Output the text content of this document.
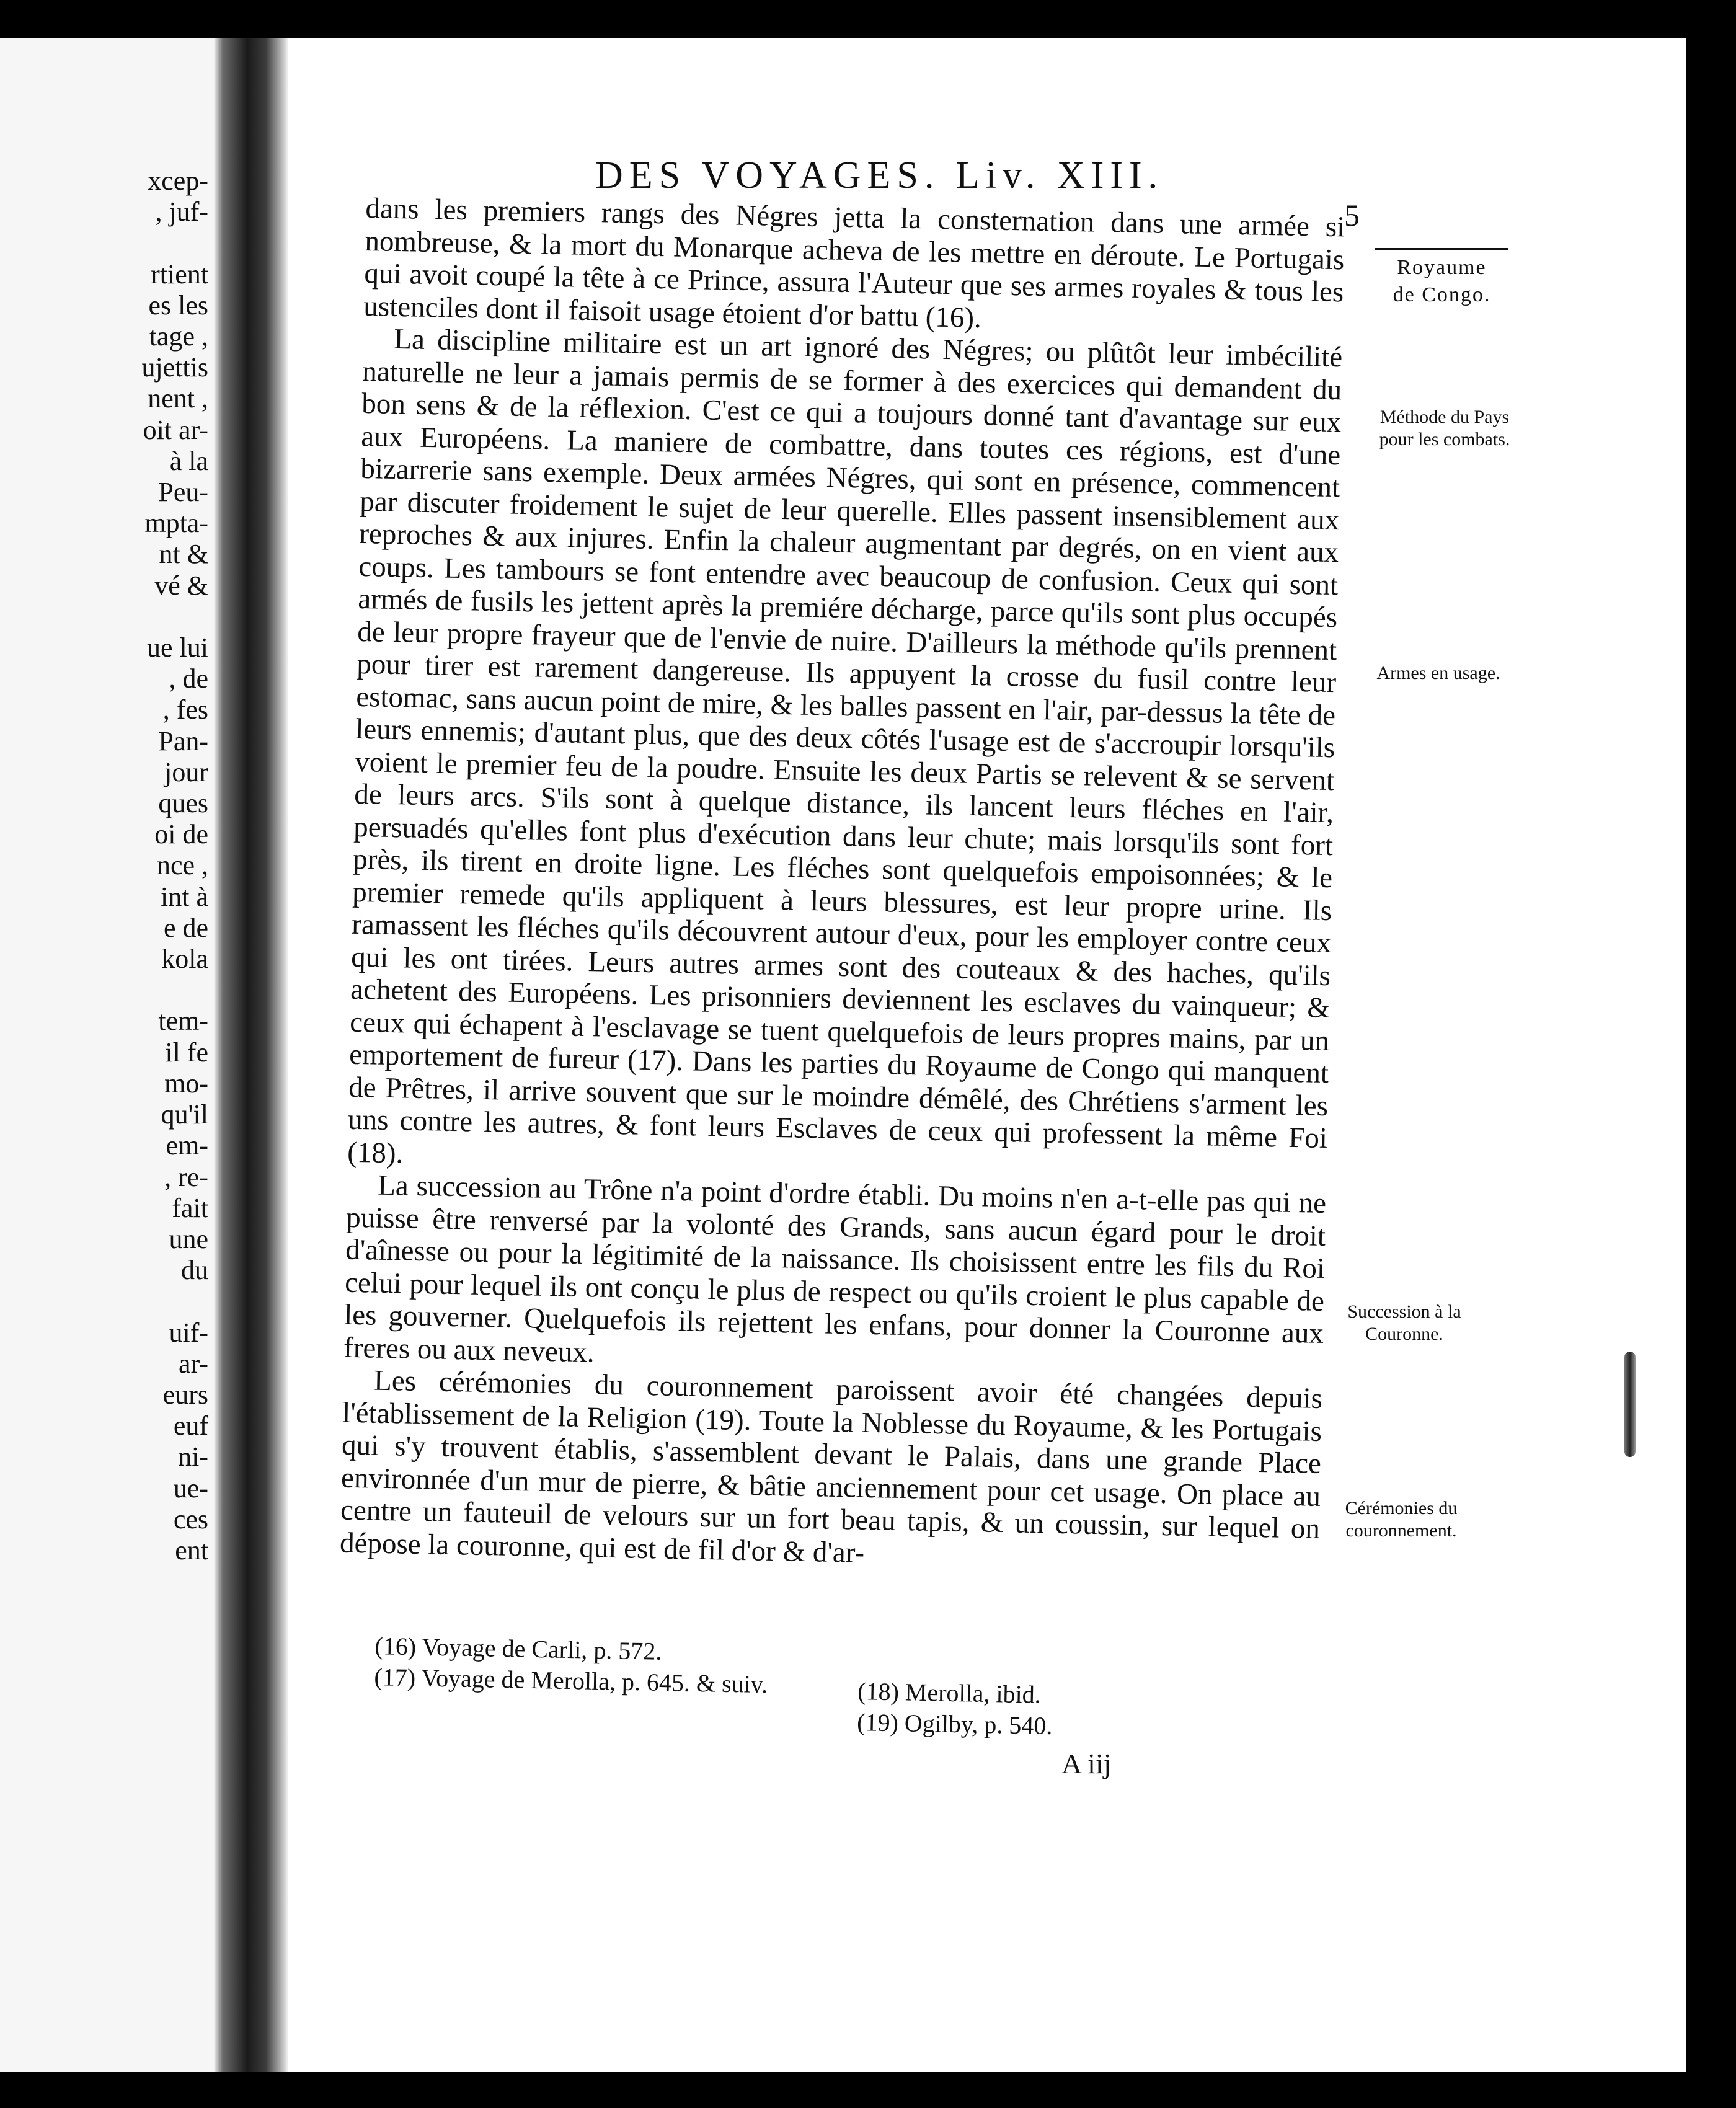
xcep-
, juf-

rtient
es les
tage ,
ujettis
nent ,
oit ar-
à la
Peu-
mpta-
nt &
vé &

ue lui
, de
, fes
Pan-
jour
ques
oi de
nce ,
int à
e de
kola

tem-
il fe
mo-
qu'il
em-
, re-
fait
une
du

uif-
ar-
eurs
euf
ni-
ue-
ces
ent
DES VOYAGES. Liv. XIII.
5
Royaume
de Congo.

dans les premiers rangs des Négres jetta la consternation dans une armée si nombreuse, & la mort du Monarque acheva de les mettre en déroute. Le Portugais qui avoit coupé la tête à ce Prince, assura l'Auteur que ses armes royales & tous les ustenciles dont il faisoit usage étoient d'or battu (16).

La discipline militaire est un art ignoré des Négres; ou plûtôt leur imbécilité naturelle ne leur a jamais permis de se former à des exercices qui demandent du bon sens & de la réflexion. C'est ce qui a toujours donné tant d'avantage sur eux aux Européens. La maniere de combattre, dans toutes ces régions, est d'une bizarrerie sans exemple. Deux armées Négres, qui sont en présence, commencent par discuter froidement le sujet de leur querelle. Elles passent insensiblement aux reproches & aux injures. Enfin la chaleur augmentant par degrés, on en vient aux coups. Les tambours se font entendre avec beaucoup de confusion. Ceux qui sont armés de fusils les jettent après la premiére décharge, parce qu'ils sont plus occupés de leur propre frayeur que de l'envie de nuire. D'ailleurs la méthode qu'ils prennent pour tirer est rarement dangereuse. Ils appuyent la crosse du fusil contre leur estomac, sans aucun point de mire, & les balles passent en l'air, par-dessus la tête de leurs ennemis; d'autant plus, que des deux côtés l'usage est de s'accroupir lorsqu'ils voient le premier feu de la poudre. Ensuite les deux Partis se relevent & se servent de leurs arcs. S'ils sont à quelque distance, ils lancent leurs fléches en l'air, persuadés qu'elles font plus d'exécution dans leur chute; mais lorsqu'ils sont fort près, ils tirent en droite ligne. Les fléches sont quelquefois empoisonnées; & le premier remede qu'ils appliquent à leurs blessures, est leur propre urine. Ils ramassent les fléches qu'ils découvrent autour d'eux, pour les employer contre ceux qui les ont tirées. Leurs autres armes sont des couteaux & des haches, qu'ils achetent des Européens. Les prisonniers deviennent les esclaves du vainqueur; & ceux qui échapent à l'esclavage se tuent quelquefois de leurs propres mains, par un emportement de fureur (17). Dans les parties du Royaume de Congo qui manquent de Prêtres, il arrive souvent que sur le moindre démêlé, des Chrétiens s'arment les uns contre les autres, & font leurs Esclaves de ceux qui professent la même Foi (18).

La succession au Trône n'a point d'ordre établi. Du moins n'en a-t-elle pas qui ne puisse être renversé par la volonté des Grands, sans aucun égard pour le droit d'aînesse ou pour la légitimité de la naissance. Ils choisissent entre les fils du Roi celui pour lequel ils ont conçu le plus de respect ou qu'ils croient le plus capable de les gouverner. Quelquefois ils rejettent les enfans, pour donner la Couronne aux freres ou aux neveux.

Les cérémonies du couronnement paroissent avoir été changées depuis l'établissement de la Religion (19). Toute la Noblesse du Royaume, & les Portugais qui s'y trouvent établis, s'assemblent devant le Palais, dans une grande Place environnée d'un mur de pierre, & bâtie anciennement pour cet usage. On place au centre un fauteuil de velours sur un fort beau tapis, & un coussin, sur lequel on dépose la couronne, qui est de fil d'or & d'ar-

Méthode du Pays pour les combats.
Armes en usage.
Succession à la Couronne.
Cérémonies du couronnement.
(16) Voyage de Carli, p. 572.
(17) Voyage de Merolla, p. 645. & suiv.	(18) Merolla, ibid.
(19) Ogilby, p. 540.
A iij
